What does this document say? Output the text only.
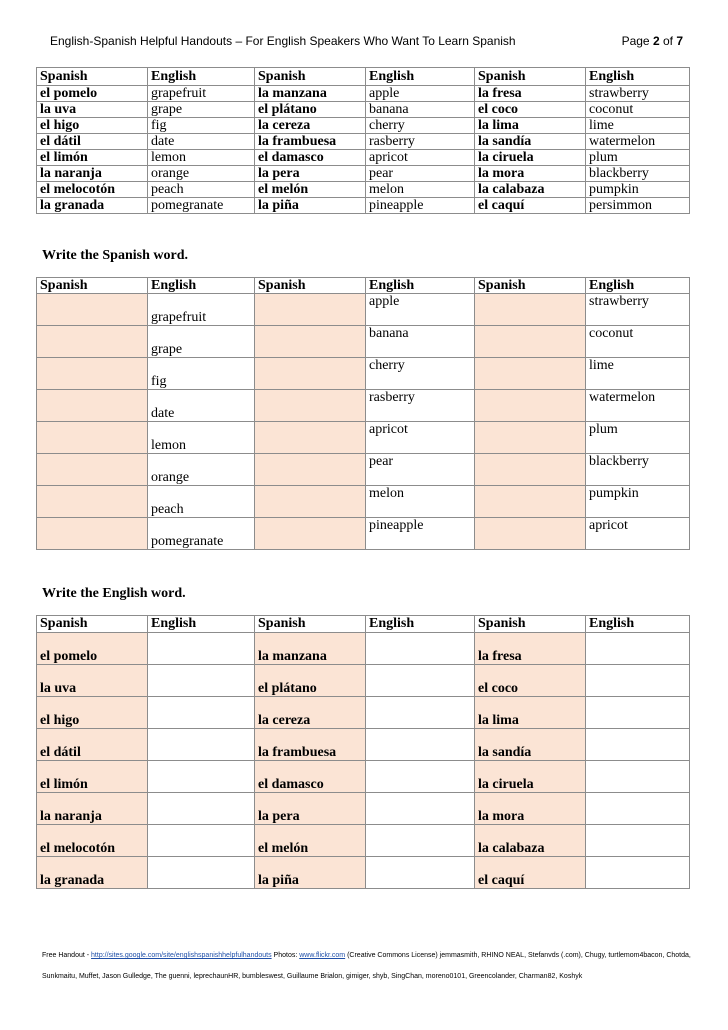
English-Spanish Helpful Handouts – For English Speakers Who Want To Learn Spanish	Page 2 of 7
Spanish	English	Spanish	English	Spanish	English
el pomelo	grapefruit	la manzana	apple	la fresa	strawberry
la uva	grape	el plátano	banana	el coco	coconut
el higo	fig	la cereza	cherry	la lima	lime
el dátil	date	la frambuesa	rasberry	la sandía	watermelon
el limón	lemon	el damasco	apricot	la ciruela	plum
la naranja	orange	la pera	pear	la mora	blackberry
el melocotón	peach	el melón	melon	la calabaza	pumpkin
la granada	pomegranate	la piña	pineapple	el caquí	persimmon
Write the Spanish word.
Spanish	English	Spanish	English	Spanish	English

	grapefruit		apple		strawberry

	grape		banana		coconut

	fig		cherry		lime

	date		rasberry		watermelon

	lemon		apricot		plum

	orange		pear		blackberry

	peach		melon		pumpkin

	pomegranate		pineapple		apricot
Write the English word.
Spanish	English	Spanish	English	Spanish	English

el pomelo		la manzana		la fresa	

la uva		el plátano		el coco	

el higo		la cereza		la lima	

el dátil		la frambuesa		la sandía	

el limón		el damasco		la ciruela	

la naranja		la pera		la mora	

el melocotón		el melón		la calabaza	

la granada		la piña		el caquí	

Free Handout - http://sites.google.com/site/englishspanishhelpfulhandouts Photos: www.flickr.com (Creative Commons License) jemmasmith, RHINO NEAL, Stefanvds (.com), Chugy, turtlemom4bacon, Chotda,
Sunkmaitu, Muffet, Jason Gulledge, The guenni, leprechaunHR, bumbleswest, Guillaume Brialon, gimiger, shyb, SingChan, moreno0101, Greencolander, Charman82, Koshyk
